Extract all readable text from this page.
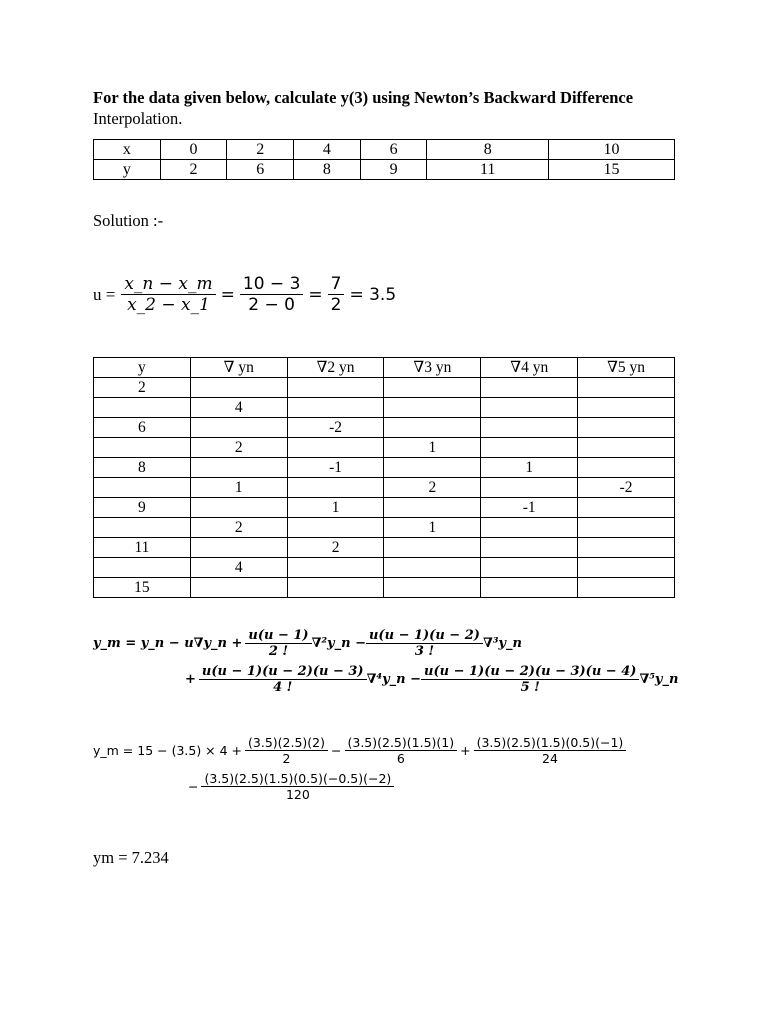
For the data given below, calculate y(3) using Newton’s Backward Difference
Interpolation.
x	0	2	4	6	8	10
y	2	6	8	9	11	15
Solution :-
$u = \frac{x\_n - x\_m}{x\_2 - x\_1} = \frac{10 - 3}{2 - 0} = \frac{7}{2} = 3.5$
y	∇ yn	∇2 yn	∇3 yn	∇4 yn	∇5 yn
2					
	4				
6		-2			
	2		1		
8		-1		1	
	1		2		-2
9		1		-1	
	2		1		
11		2			
	4				
15					
y_m = y_n − u∇y_n + $\frac{u(u - 1)}{2 !}$ ∇²y_n − $\frac{u(u - 1)(u - 2)}{3 !}$ ∇³y_n
+ $\frac{u(u - 1)(u - 2)(u - 3)}{4 !}$ ∇⁴y_n − $\frac{u(u - 1)(u - 2)(u - 3)(u - 4)}{5 !}$ ∇⁵y_n
y_m = $15 - (3.5) \times 4 + \frac{(3.5)(2.5)(2)}{2} - \frac{(3.5)(2.5)(1.5)(1)}{6} + \frac{(3.5)(2.5)(1.5)(0.5)(-1)}{24}$
− $\frac{(3.5)(2.5)(1.5)(0.5)(-0.5)(-2)}{120}$
ym = 7.234
